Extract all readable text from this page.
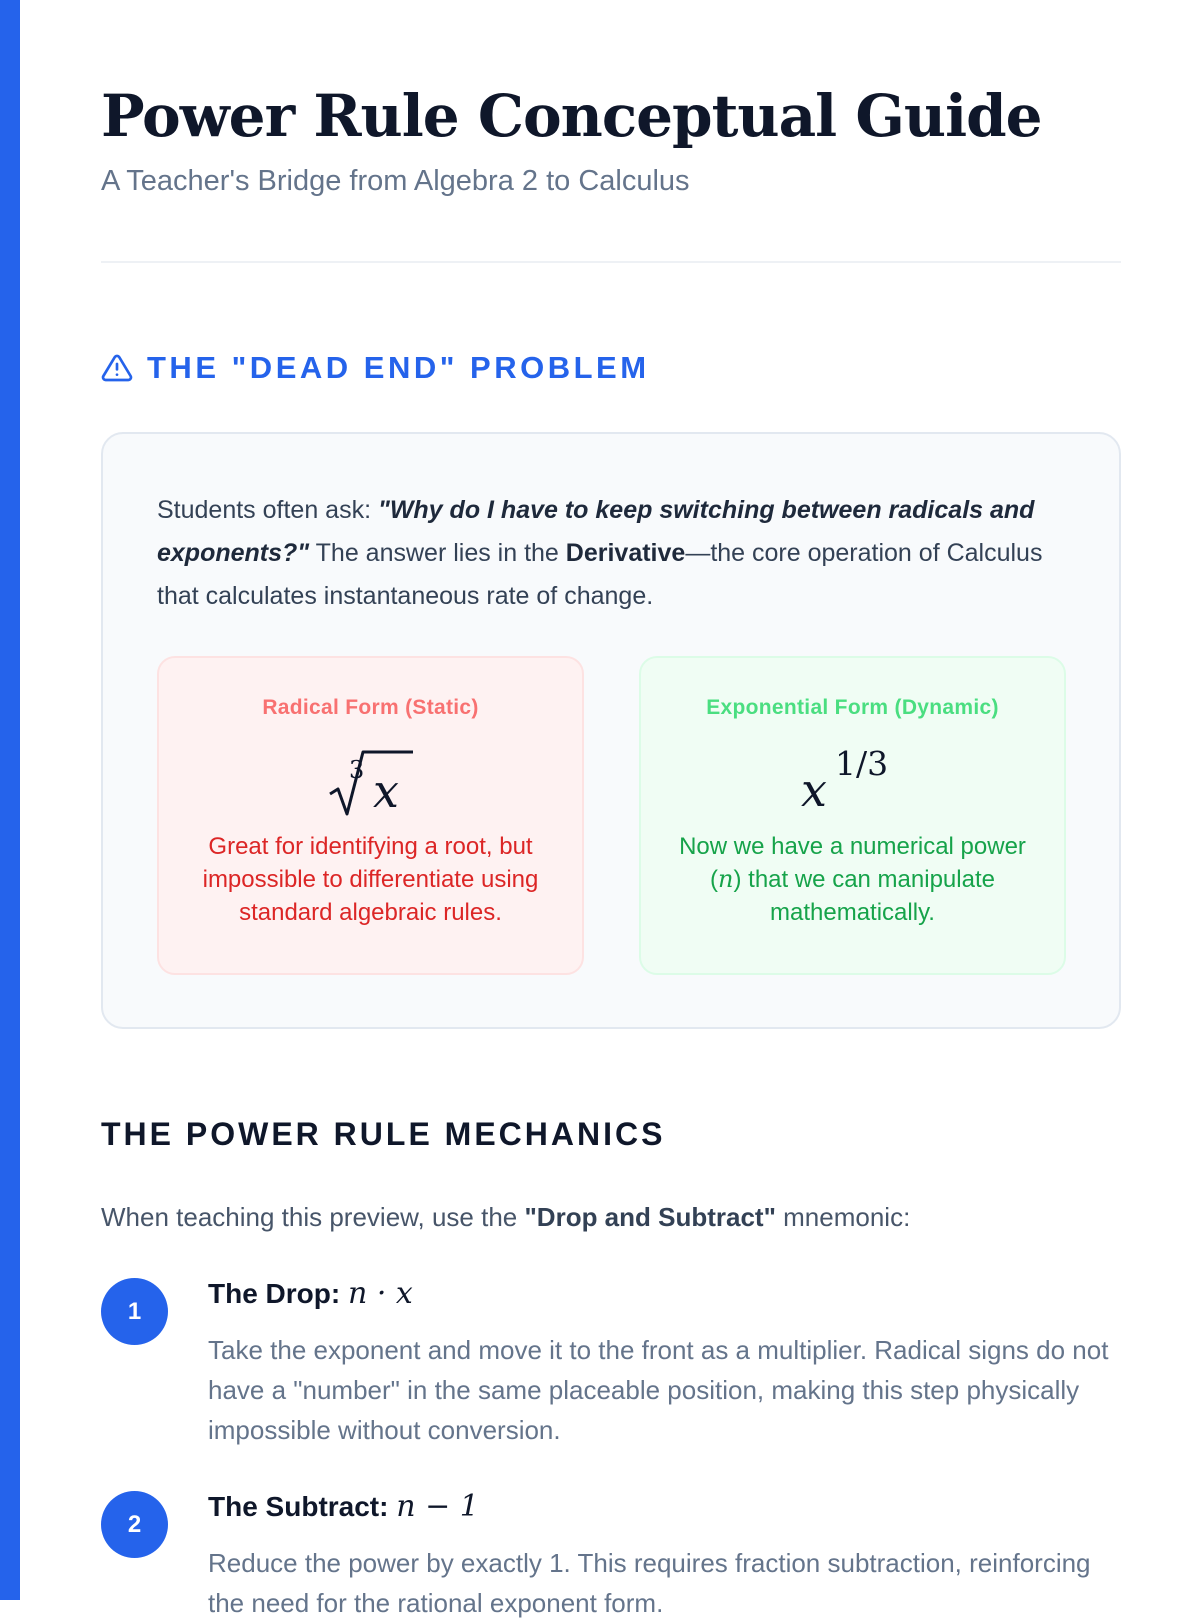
Power Rule Conceptual Guide
A Teacher's Bridge from Algebra 2 to Calculus
THE "DEAD END" PROBLEM

Students often ask: "Why do I have to keep switching between radicals and exponents?" The answer lies in the Derivative—the core operation of Calculus that calculates instantaneous rate of change.

Radical Form (Static)
3 x
Great for identifying a root, but impossible to differentiate using standard algebraic rules.
Exponential Form (Dynamic)
x 1/3
Now we have a numerical power (n) that we can manipulate mathematically.
THE POWER RULE MECHANICS

When teaching this preview, use the "Drop and Subtract" mnemonic:

1
The Drop: n · x

Take the exponent and move it to the front as a multiplier. Radical signs do not have a "number" in the same placeable position, making this step physically impossible without conversion.

2
The Subtract: n − 1

Reduce the power by exactly 1. This requires fraction subtraction, reinforcing the need for the rational exponent form.
